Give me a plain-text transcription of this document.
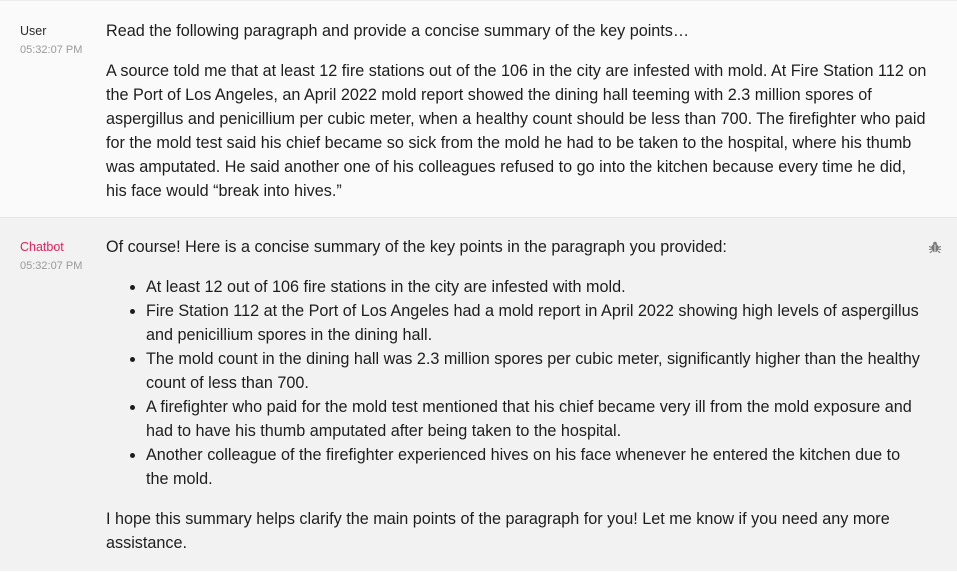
User
05:32:07 PM

Read the following paragraph and provide a concise summary of the key points…

A source told me that at least 12 fire stations out of the 106 in the city are infested with mold. At Fire Station 112 on the Port of Los Angeles, an April 2022 mold report showed the dining hall teeming with 2.3 million spores of aspergillus and penicillium per cubic meter, when a healthy count should be less than 700. The firefighter who paid for the mold test said his chief became so sick from the mold he had to be taken to the hospital, where his thumb was amputated. He said another one of his colleagues refused to go into the kitchen because every time he did, his face would “break into hives.”

Chatbot
05:32:07 PM

Of course! Here is a concise summary of the key points in the paragraph you provided:

• At least 12 out of 106 fire stations in the city are infested with mold.
• Fire Station 112 at the Port of Los Angeles had a mold report in April 2022 showing high levels of aspergillus and penicillium spores in the dining hall.
• The mold count in the dining hall was 2.3 million spores per cubic meter, significantly higher than the healthy count of less than 700.
• A firefighter who paid for the mold test mentioned that his chief became very ill from the mold exposure and had to have his thumb amputated after being taken to the hospital.
• Another colleague of the firefighter experienced hives on his face whenever he entered the kitchen due to the mold.

I hope this summary helps clarify the main points of the paragraph for you! Let me know if you need any more assistance.
